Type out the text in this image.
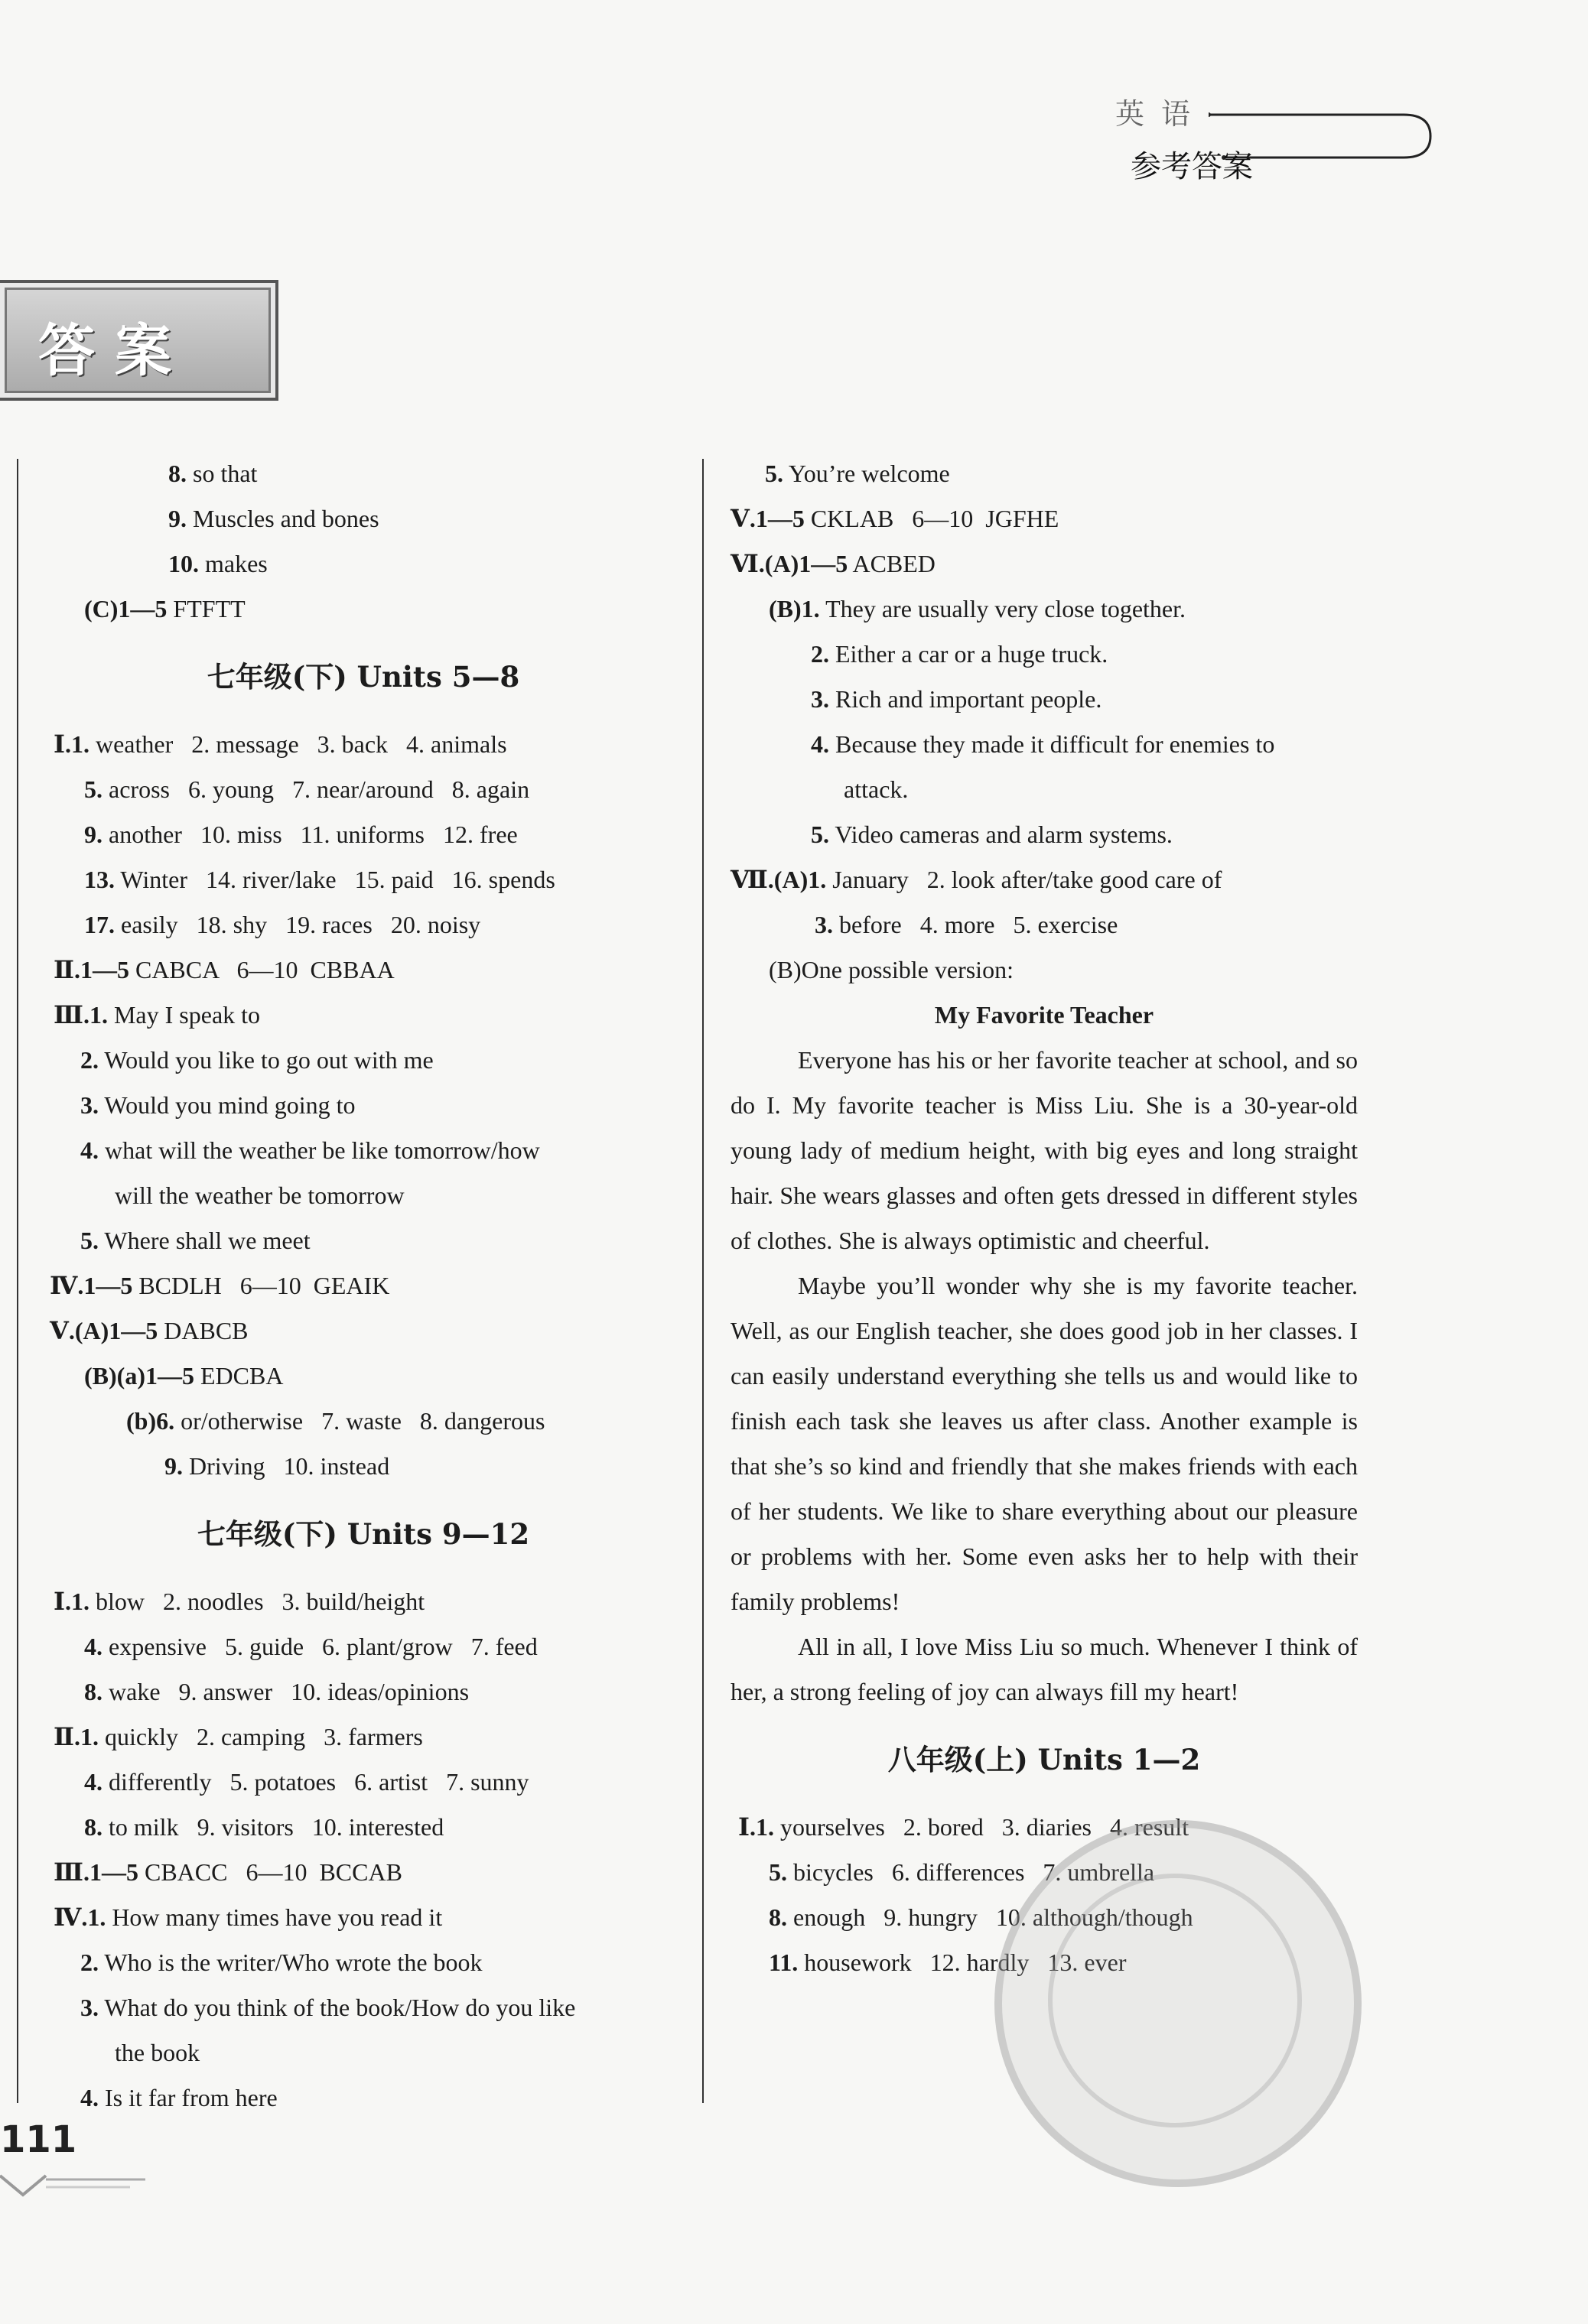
英语
参考答案
答案
8. so that
9. Muscles and bones
10. makes
(C)1—5 FTFTT
七年级(下) Units 5—8
Ⅰ.1. weather   2. message   3. back   4. animals
5. across   6. young   7. near/around   8. again
9. another   10. miss   11. uniforms   12. free
13. Winter   14. river/lake   15. paid   16. spends
17. easily   18. shy   19. races   20. noisy
Ⅱ.1—5 CABCA   6—10  CBBAA
Ⅲ.1. May I speak to
2. Would you like to go out with me
3. Would you mind going to
4. what will the weather be like tomorrow/how
will the weather be tomorrow
5. Where shall we meet
Ⅳ.1—5 BCDLH   6—10  GEAIK
Ⅴ.(A)1—5 DABCB
(B)(a)1—5 EDCBA
(b)6. or/otherwise   7. waste   8. dangerous
9. Driving   10. instead
七年级(下) Units 9—12
Ⅰ.1. blow   2. noodles   3. build/height
4. expensive   5. guide   6. plant/grow   7. feed
8. wake   9. answer   10. ideas/opinions
Ⅱ.1. quickly   2. camping   3. farmers
4. differently   5. potatoes   6. artist   7. sunny
8. to milk   9. visitors   10. interested
Ⅲ.1—5 CBACC   6—10  BCCAB
Ⅳ.1. How many times have you read it
2. Who is the writer/Who wrote the book
3. What do you think of the book/How do you like
the book
4. Is it far from here
5. You’re welcome
Ⅴ.1—5 CKLAB   6—10  JGFHE
Ⅵ.(A)1—5 ACBED
(B)1. They are usually very close together.
2. Either a car or a huge truck.
3. Rich and important people.
4. Because they made it difficult for enemies to
attack.
5. Video cameras and alarm systems.
Ⅶ.(A)1. January   2. look after/take good care of
3. before   4. more   5. exercise
(B)One possible version:
My Favorite Teacher

Everyone has his or her favorite teacher at school, and so do I. My favorite teacher is Miss Liu. She is a 30-year-old young lady of medium height, with big eyes and long straight hair. She wears glasses and often gets dressed in different styles of clothes. She is always optimistic and cheerful.

Maybe you’ll wonder why she is my favorite teacher. Well, as our English teacher, she does good job in her classes. I can easily understand everything she tells us and would like to finish each task she leaves us after class. Another example is that she’s so kind and friendly that she makes friends with each of her students. We like to share everything about our pleasure or problems with her. Some even asks her to help with their family problems!

All in all, I love Miss Liu so much. Whenever I think of her, a strong feeling of joy can always fill my heart!

八年级(上) Units 1—2
Ⅰ.1. yourselves   2. bored   3. diaries   4. result
5. bicycles   6. differences   7. umbrella
8. enough   9. hungry   10. although/though
11. housework   12. hardly   13. ever
111
